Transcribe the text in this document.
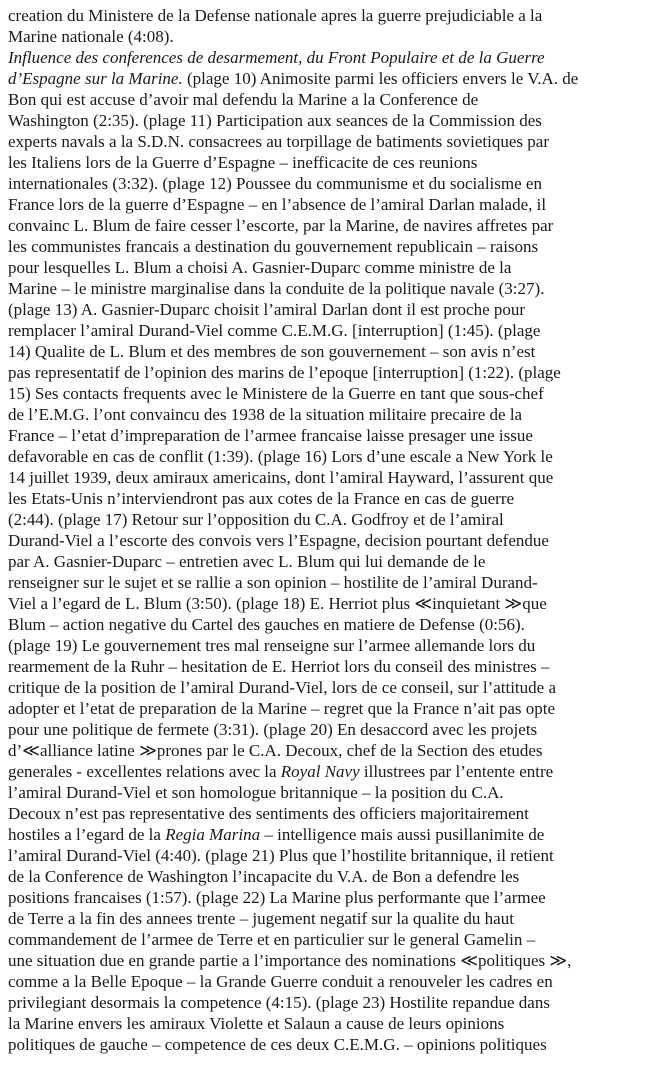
creation du Ministere de la Defense nationale apres la guerre prejudiciable a la
Marine nationale (4:08).
Influence des conferences de desarmement, du Front Populaire et de la Guerre
d’Espagne sur la Marine. (plage 10) Animosite parmi les officiers envers le V.A. de
Bon qui est accuse d’avoir mal defendu la Marine a la Conference de
Washington (2:35). (plage 11) Participation aux seances de la Commission des
experts navals a la S.D.N. consacrees au torpillage de batiments sovietiques par
les Italiens lors de la Guerre d’Espagne – inefficacite de ces reunions
internationales (3:32). (plage 12) Poussee du communisme et du socialisme en
France lors de la guerre d’Espagne – en l’absence de l’amiral Darlan malade, il
convainc L. Blum de faire cesser l’escorte, par la Marine, de navires affretes par
les communistes francais a destination du gouvernement republicain – raisons
pour lesquelles L. Blum a choisi A. Gasnier-Duparc comme ministre de la
Marine – le ministre marginalise dans la conduite de la politique navale (3:27).
(plage 13) A. Gasnier-Duparc choisit l’amiral Darlan dont il est proche pour
remplacer l’amiral Durand-Viel comme C.E.M.G. [interruption] (1:45). (plage
14) Qualite de L. Blum et des membres de son gouvernement – son avis n’est
pas representatif de l’opinion des marins de l’epoque [interruption] (1:22). (plage
15) Ses contacts frequents avec le Ministere de la Guerre en tant que sous-chef
de l’E.M.G. l’ont convaincu des 1938 de la situation militaire precaire de la
France – l’etat d’impreparation de l’armee francaise laisse presager une issue
defavorable en cas de conflit (1:39). (plage 16) Lors d’une escale a New York le
14 juillet 1939, deux amiraux americains, dont l’amiral Hayward, l’assurent que
les Etats-Unis n’interviendront pas aux cotes de la France en cas de guerre
(2:44). (plage 17) Retour sur l’opposition du C.A. Godfroy et de l’amiral
Durand-Viel a l’escorte des convois vers l’Espagne, decision pourtant defendue
par A. Gasnier-Duparc – entretien avec L. Blum qui lui demande de le
renseigner sur le sujet et se rallie a son opinion – hostilite de l’amiral Durand-
Viel a l’egard de L. Blum (3:50). (plage 18) E. Herriot plus ≪inquietant ≫que
Blum – action negative du Cartel des gauches en matiere de Defense (0:56).
(plage 19) Le gouvernement tres mal renseigne sur l’armee allemande lors du
rearmement de la Ruhr – hesitation de E. Herriot lors du conseil des ministres –
critique de la position de l’amiral Durand-Viel, lors de ce conseil, sur l’attitude a
adopter et l’etat de preparation de la Marine – regret que la France n’ait pas opte
pour une politique de fermete (3:31). (plage 20) En desaccord avec les projets
d’≪alliance latine ≫prones par le C.A. Decoux, chef de la Section des etudes
generales - excellentes relations avec la Royal Navy illustrees par l’entente entre
l’amiral Durand-Viel et son homologue britannique – la position du C.A.
Decoux n’est pas representative des sentiments des officiers majoritairement
hostiles a l’egard de la Regia Marina – intelligence mais aussi pusillanimite de
l’amiral Durand-Viel (4:40). (plage 21) Plus que l’hostilite britannique, il retient
de la Conference de Washington l’incapacite du V.A. de Bon a defendre les
positions francaises (1:57). (plage 22) La Marine plus performante que l’armee
de Terre a la fin des annees trente – jugement negatif sur la qualite du haut
commandement de l’armee de Terre et en particulier sur le general Gamelin –
une situation due en grande partie a l’importance des nominations ≪politiques ≫,
comme a la Belle Epoque – la Grande Guerre conduit a renouveler les cadres en
privilegiant desormais la competence (4:15). (plage 23) Hostilite repandue dans
la Marine envers les amiraux Violette et Salaun a cause de leurs opinions
politiques de gauche – competence de ces deux C.E.M.G. – opinions politiques
